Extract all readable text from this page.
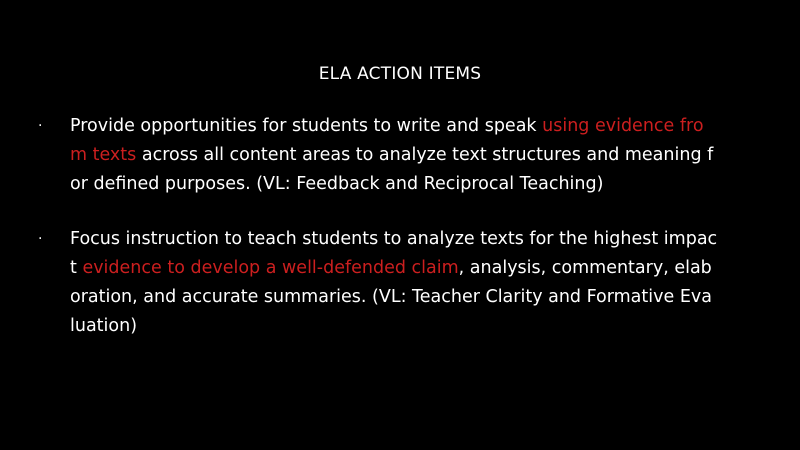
ELA ACTION ITEMS
· Provide opportunities for students to write and speak using evidence fro
m texts across all content areas to analyze text structures and meaning f
or defined purposes. (VL: Feedback and Reciprocal Teaching)
· Focus instruction to teach students to analyze texts for the highest impac
t evidence to develop a well-defended claim, analysis, commentary, elab
oration, and accurate summaries. (VL: Teacher Clarity and Formative Eva
luation)
